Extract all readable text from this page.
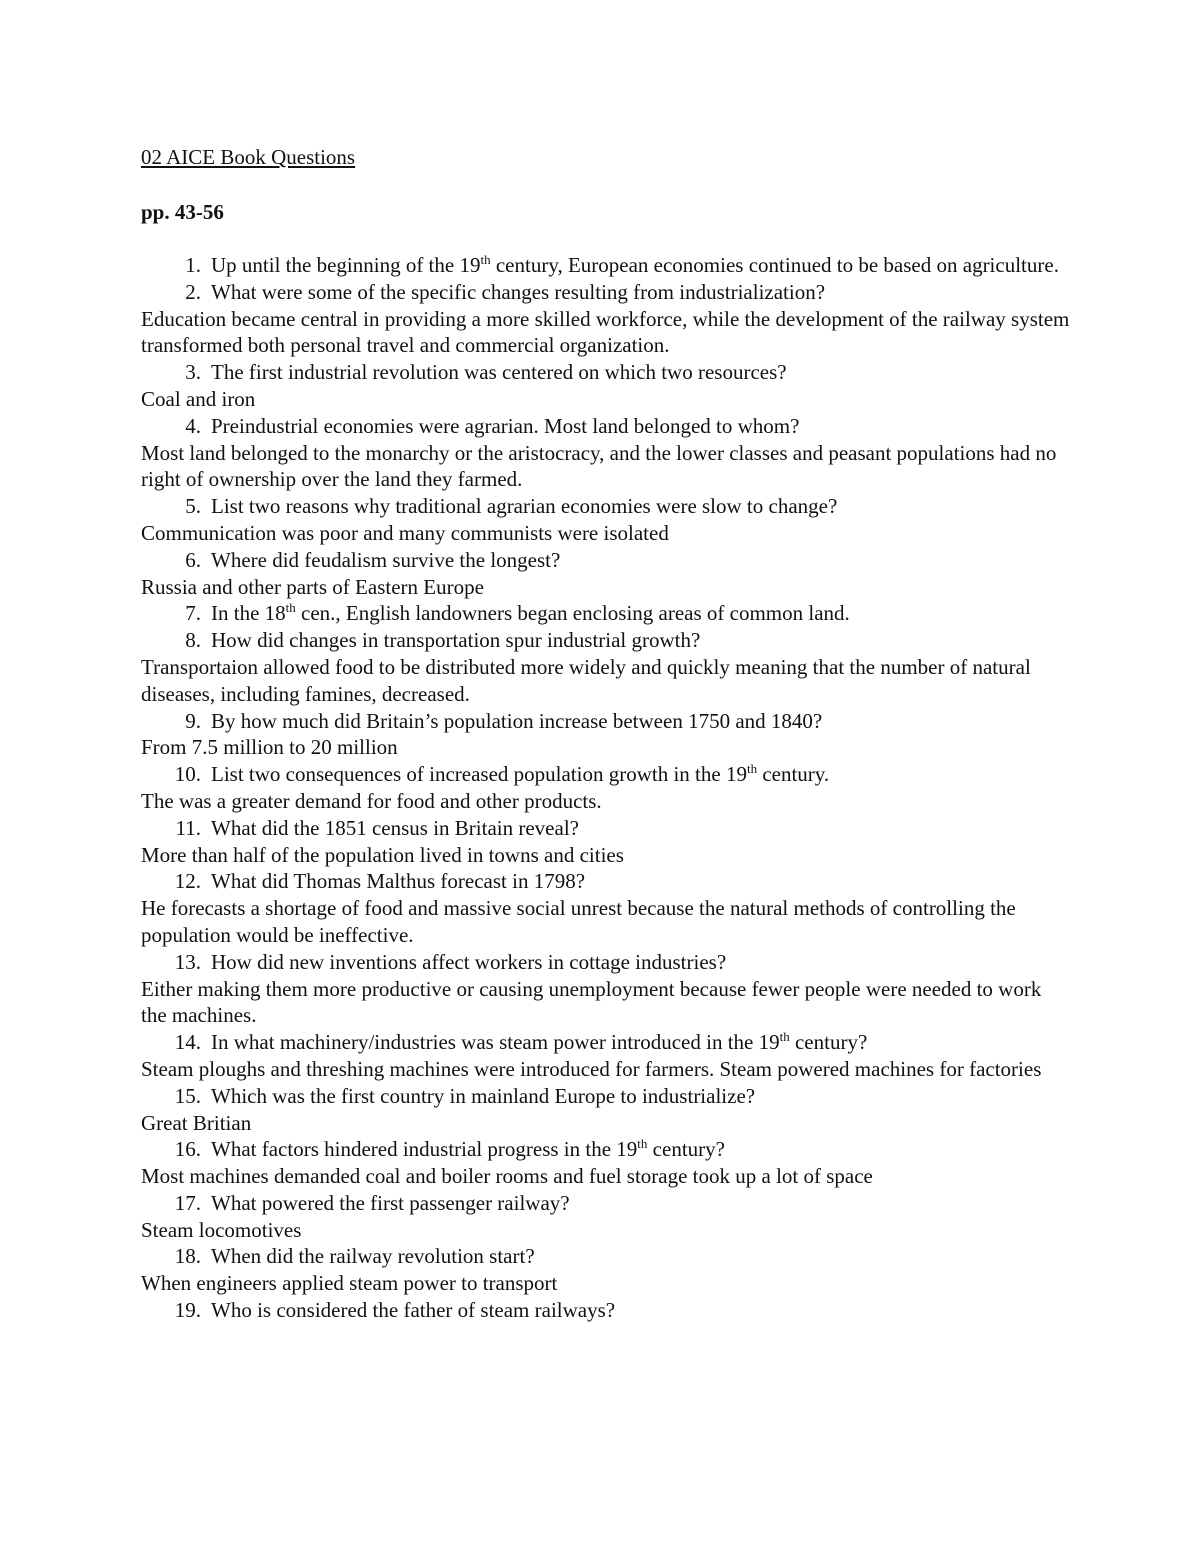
02 AICE Book Questions
pp. 43-56
1. Up until the beginning of the 19th century, European economies continued to be based on agriculture.
2. What were some of the specific changes resulting from industrialization?
Education became central in providing a more skilled workforce, while the development of the railway system transformed both personal travel and commercial organization.
3. The first industrial revolution was centered on which two resources?
Coal and iron
4. Preindustrial economies were agrarian. Most land belonged to whom?
Most land belonged to the monarchy or the aristocracy, and the lower classes and peasant populations had no right of ownership over the land they farmed.
5. List two reasons why traditional agrarian economies were slow to change?
Communication was poor and many communists were isolated
6. Where did feudalism survive the longest?
Russia and other parts of Eastern Europe
7. In the 18th cen., English landowners began enclosing areas of common land.
8. How did changes in transportation spur industrial growth?
Transportaion allowed food to be distributed more widely and quickly meaning that the number of natural diseases, including famines, decreased.
9. By how much did Britain’s population increase between 1750 and 1840?
From 7.5 million to 20 million
10. List two consequences of increased population growth in the 19th century.
The was a greater demand for food and other products.
11. What did the 1851 census in Britain reveal?
More than half of the population lived in towns and cities
12. What did Thomas Malthus forecast in 1798?
He forecasts a shortage of food and massive social unrest because the natural methods of controlling the population would be ineffective.
13. How did new inventions affect workers in cottage industries?
Either making them more productive or causing unemployment because fewer people were needed to work the machines.
14. In what machinery/industries was steam power introduced in the 19th century?
Steam ploughs and threshing machines were introduced for farmers. Steam powered machines for factories
15. Which was the first country in mainland Europe to industrialize?
Great Britian
16. What factors hindered industrial progress in the 19th century?
Most machines demanded coal and boiler rooms and fuel storage took up a lot of space
17. What powered the first passenger railway?
Steam locomotives
18. When did the railway revolution start?
When engineers applied steam power to transport
19. Who is considered the father of steam railways?
